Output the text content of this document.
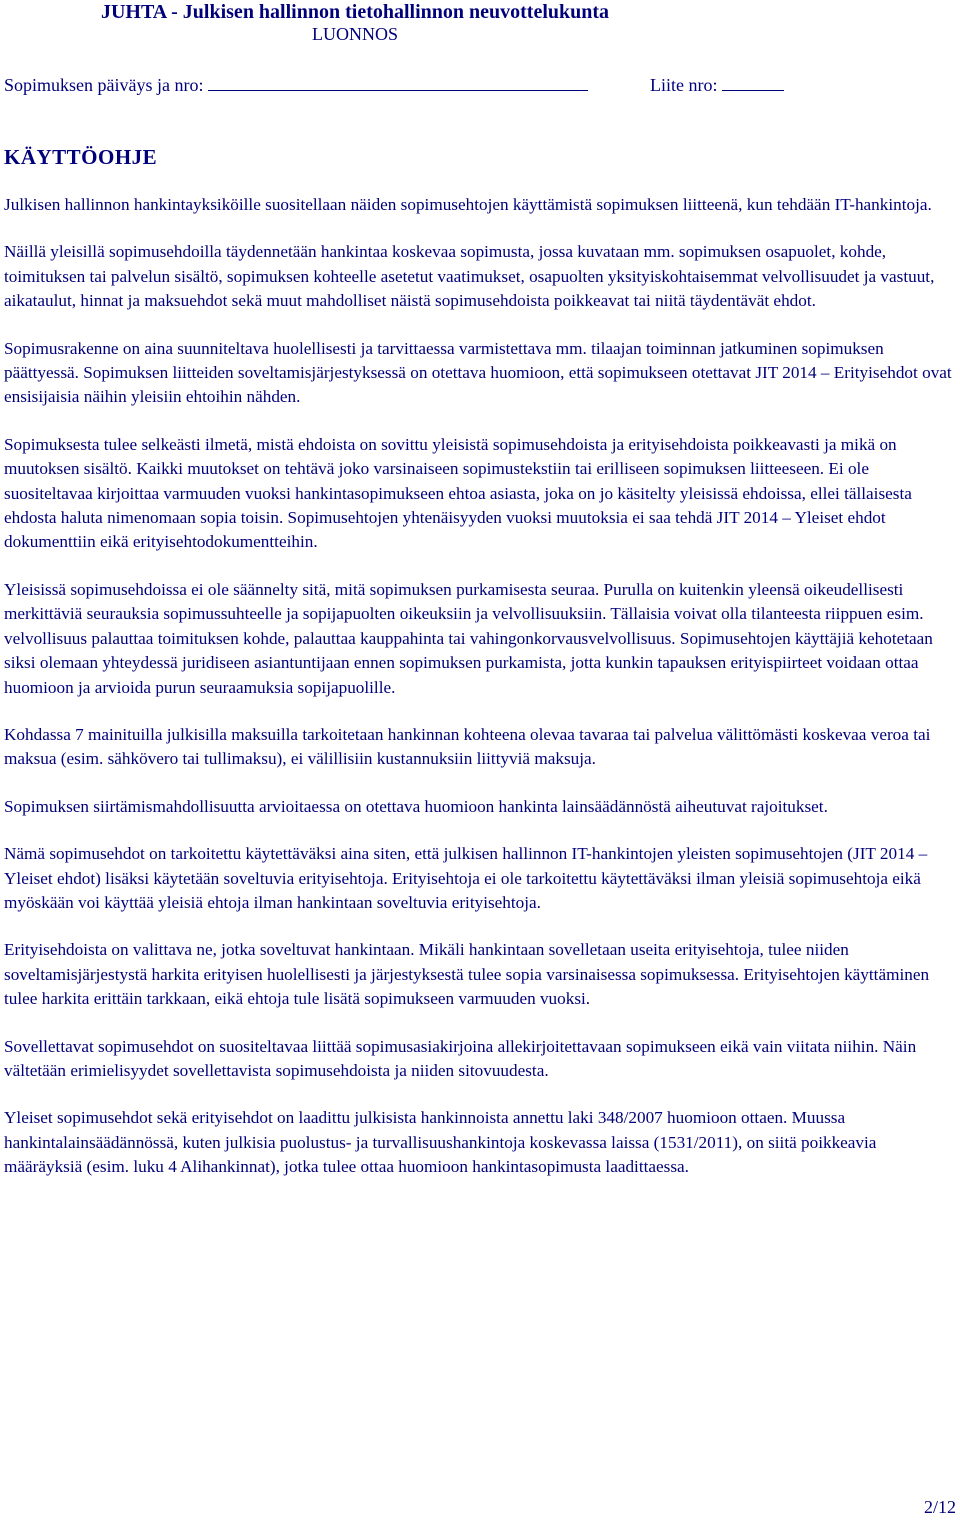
JUHTA - Julkisen hallinnon tietohallinnon neuvottelukunta
LUONNOS
Sopimuksen päiväys ja nro:	Liite nro:
KÄYTTÖOHJE

Julkisen hallinnon hankintayksiköille suositellaan näiden sopimusehtojen käyttämistä sopimuksen liitteenä, kun tehdään IT-hankintoja.

Näillä yleisillä sopimusehdoilla täydennetään hankintaa koskevaa sopimusta, jossa kuvataan mm. sopimuksen osapuolet, kohde, toimituksen tai palvelun sisältö, sopimuksen kohteelle asetetut vaatimukset, osapuolten yksityiskohtaisemmat velvollisuudet ja vastuut, aikataulut, hinnat ja maksuehdot sekä muut mahdolliset näistä sopimusehdoista poikkeavat tai niitä täydentävät ehdot.

Sopimusrakenne on aina suunniteltava huolellisesti ja tarvittaessa varmistettava mm. tilaajan toiminnan jatkuminen sopimuksen päättyessä. Sopimuksen liitteiden soveltamisjärjestyksessä on otettava huomioon, että sopimukseen otettavat JIT 2014 – Erityisehdot ovat ensisijaisia näihin yleisiin ehtoihin nähden.

Sopimuksesta tulee selkeästi ilmetä, mistä ehdoista on sovittu yleisistä sopimusehdoista ja erityisehdoista poikkeavasti ja mikä on muutoksen sisältö. Kaikki muutokset on tehtävä joko varsinaiseen sopimustekstiin tai erilliseen sopimuksen liitteeseen. Ei ole suositeltavaa kirjoittaa varmuuden vuoksi hankintasopimukseen ehtoa asiasta, joka on jo käsitelty yleisissä ehdoissa, ellei tällaisesta ehdosta haluta nimenomaan sopia toisin. Sopimusehtojen yhtenäisyyden vuoksi muutoksia ei saa tehdä JIT 2014 – Yleiset ehdot dokumenttiin eikä erityisehtodokumentteihin.

Yleisissä sopimusehdoissa ei ole säännelty sitä, mitä sopimuksen purkamisesta seuraa. Purulla on kuitenkin yleensä oikeudellisesti merkittäviä seurauksia sopimussuhteelle ja sopijapuolten oikeuksiin ja velvollisuuksiin. Tällaisia voivat olla tilanteesta riippuen esim. velvollisuus palauttaa toimituksen kohde, palauttaa kauppahinta tai vahingonkorvausvelvollisuus. Sopimusehtojen käyttäjiä kehotetaan siksi olemaan yhteydessä juridiseen asiantuntijaan ennen sopimuksen purkamista, jotta kunkin tapauksen erityispiirteet voidaan ottaa huomioon ja arvioida purun seuraamuksia sopijapuolille.

Kohdassa 7 mainituilla julkisilla maksuilla tarkoitetaan hankinnan kohteena olevaa tavaraa tai palvelua välittömästi koskevaa veroa tai maksua (esim. sähkövero tai tullimaksu), ei välillisiin kustannuksiin liittyviä maksuja.

Sopimuksen siirtämismahdollisuutta arvioitaessa on otettava huomioon hankinta lainsäädännöstä aiheutuvat rajoitukset.

Nämä sopimusehdot on tarkoitettu käytettäväksi aina siten, että julkisen hallinnon IT-hankintojen yleisten sopimusehtojen (JIT 2014 – Yleiset ehdot) lisäksi käytetään soveltuvia erityisehtoja. Erityisehtoja ei ole tarkoitettu käytettäväksi ilman yleisiä sopimusehtoja eikä myöskään voi käyttää yleisiä ehtoja ilman hankintaan soveltuvia erityisehtoja.

Erityisehdoista on valittava ne, jotka soveltuvat hankintaan. Mikäli hankintaan sovelletaan useita erityisehtoja, tulee niiden soveltamisjärjestystä harkita erityisen huolellisesti ja järjestyksestä tulee sopia varsinaisessa sopimuksessa. Erityisehtojen käyttäminen tulee harkita erittäin tarkkaan, eikä ehtoja tule lisätä sopimukseen varmuuden vuoksi.

Sovellettavat sopimusehdot on suositeltavaa liittää sopimusasiakirjoina allekirjoitettavaan sopimukseen eikä vain viitata niihin. Näin vältetään erimielisyydet sovellettavista sopimusehdoista ja niiden sitovuudesta.

Yleiset sopimusehdot sekä erityisehdot on laadittu julkisista hankinnoista annettu laki 348/2007 huomioon ottaen. Muussa hankintalainsäädännössä, kuten julkisia puolustus- ja turvallisuushankintoja koskevassa laissa (1531/2011), on siitä poikkeavia määräyksiä (esim. luku 4 Alihankinnat), jotka tulee ottaa huomioon hankintasopimusta laadittaessa.

2/12
